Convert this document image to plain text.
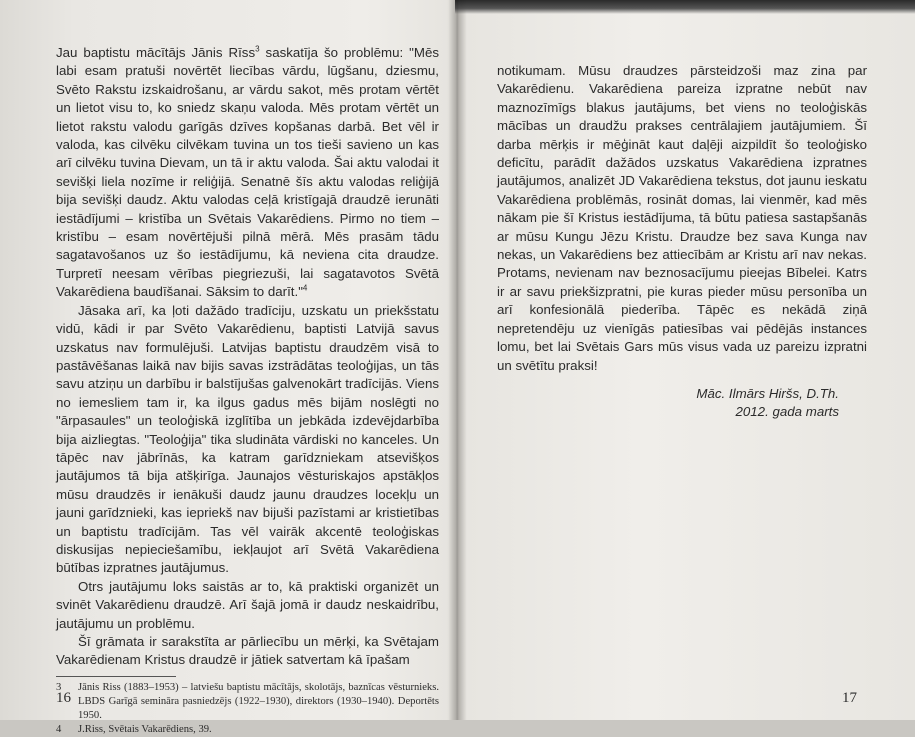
Jau baptistu mācītājs Jānis Rīss$^3$ saskatīja šo problēmu: "Mēs labi esam pratuši novērtēt liecības vārdu, lūgšanu, dziesmu, Svēto Rakstu izskaidrošanu, ar vārdu sakot, mēs protam vērtēt un lietot visu to, ko sniedz skaņu valoda. Mēs protam vērtēt un lietot rakstu valodu garīgās dzīves kopšanas darbā. Bet vēl ir valoda, kas cilvēku cilvēkam tuvina un tos tieši savieno un kas arī cilvēku tuvina Dievam, un tā ir aktu valoda. Šai aktu valodai it sevišķi liela nozīme ir reliģijā. Senatnē šīs aktu valodas reliģijā bija sevišķi daudz. Aktu valodas ceļā kristīgajā draudzē ierunāti iestādījumi – kristība un Svētais Vakarēdiens. Pirmo no tiem – kristību – esam novērtējuši pilnā mērā. Mēs prasām tādu sagatavošanos uz šo iestādījumu, kā neviena cita draudze. Turpretī neesam vērības piegriezuši, lai sagatavotos Svētā Vakarēdiena baudīšanai. Sāksim to darīt."$^4$

Jāsaka arī, ka ļoti dažādo tradīciju, uzskatu un priekšstatu vidū, kādi ir par Svēto Vakarēdienu, baptisti Latvijā savus uzskatus nav formulējuši. Latvijas baptistu draudzēm visā to pastāvēšanas laikā nav bijis savas izstrādātas teoloģijas, un tās savu atziņu un darbību ir balstījušas galvenokārt tradīcijās. Viens no iemesliem tam ir, ka ilgus gadus mēs bijām noslēgti no "ārpasaules" un teoloģiskā izglītība un jebkāda izdevējdarbība bija aizliegtas. "Teoloģija" tika sludināta vārdiski no kanceles. Un tāpēc nav jābrīnās, ka katram garīdzniekam atsevišķos jautājumos tā bija atšķirīga. Jaunajos vēsturiskajos apstākļos mūsu draudzēs ir ienākuši daudz jaunu draudzes locekļu un jauni garīdznieki, kas iepriekš nav bijuši pazīstami ar kristietības un baptistu tradīcijām. Tas vēl vairāk akcentē teoloģiskas diskusijas nepieciešamību, iekļaujot arī Svētā Vakarēdiena būtības izpratnes jautājumus.

Otrs jautājumu loks saistās ar to, kā praktiski organizēt un svinēt Vakarēdienu draudzē. Arī šajā jomā ir daudz neskaidrību, jautājumu un problēmu.

Šī grāmata ir sarakstīta ar pārliecību un mērķi, ka Svētajam Vakarēdienam Kristus draudzē ir jātiek satvertam kā īpašam

3	Jānis Riss (1883–1953) – latviešu baptistu mācītājs, skolotājs, baznīcas vēsturnieks. LBDS Garīgā semināra pasniedzējs (1922–1930), direktors (1930–1940). Deportēts 1950.
4	J.Riss, Svētais Vakarēdiens, 39.

notikumam. Mūsu draudzes pārsteidzoši maz zina par Vakarēdienu. Vakarēdiena pareiza izpratne nebūt nav maznozīmīgs blakus jautājums, bet viens no teoloģiskās mācības un draudžu prakses centrālajiem jautājumiem. Šī darba mērķis ir mēģināt kaut daļēji aizpildīt šo teoloģisko deficītu, parādīt dažādos uzskatus Vakarēdiena izpratnes jautājumos, analizēt JD Vakarēdiena tekstus, dot jaunu ieskatu Vakarēdiena problēmās, rosināt domas, lai vienmēr, kad mēs nākam pie šī Kristus iestādījuma, tā būtu patiesa sastapšanās ar mūsu Kungu Jēzu Kristu. Draudze bez sava Kunga nav nekas, un Vakarēdiens bez attiecībām ar Kristu arī nav nekas. Protams, nevienam nav beznosacījumu pieejas Bībelei. Katrs ir ar savu priekšizpratni, pie kuras pieder mūsu personība un arī konfesionālā piederība. Tāpēc es nekādā ziņā nepretendēju uz vienīgās patiesības vai pēdējās instances lomu, bet lai Svētais Gars mūs visus vada uz pareizu izpratni un svētītu praksi!

Māc. Ilmārs Hiršs, D.Th.
2012. gada marts
16	17
